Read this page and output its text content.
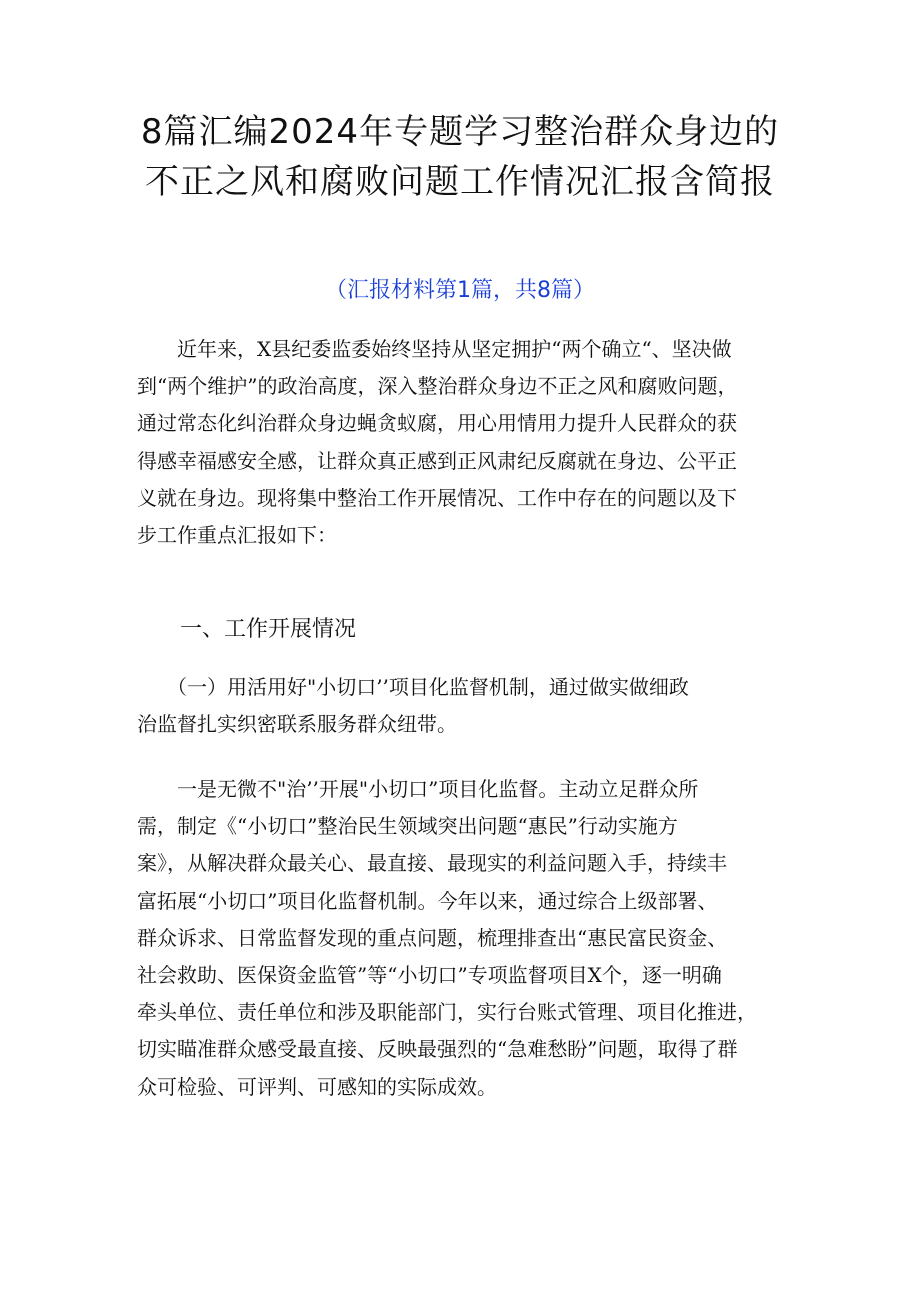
8篇汇编2024年专题学习整治群众身边的
不正之风和腐败问题工作情况汇报含简报
（汇报材料第1篇，共8篇）
　　近年来，X县纪委监委始终坚持从坚定拥护“两个确立“、坚决做
到“两个维护”的政治高度，深入整治群众身边不正之风和腐败问题，
通过常态化纠治群众身边蝇贪蚁腐，用心用情用力提升人民群众的获
得感幸福感安全感，让群众真正感到正风肃纪反腐就在身边、公平正
义就在身边。现将集中整治工作开展情况、工作中存在的问题以及下
步工作重点汇报如下：
一、工作开展情况
　　（一）用活用好"小切口’’项目化监督机制，通过做实做细政
治监督扎实织密联系服务群众纽带。
　　一是无微不"治’’开展"小切口”项目化监督。主动立足群众所
需，制定《“小切口”整治民生领域突出问题“惠民”行动实施方
案》，从解决群众最关心、最直接、最现实的利益问题入手，持续丰
富拓展“小切口”项目化监督机制。今年以来，通过综合上级部署、
群众诉求、日常监督发现的重点问题，梳理排查出“惠民富民资金、
社会救助、医保资金监管”等“小切口”专项监督项目X个，逐一明确
牵头单位、责任单位和涉及职能部门，实行台账式管理、项目化推进，
切实瞄准群众感受最直接、反映最强烈的“急难愁盼”问题，取得了群
众可检验、可评判、可感知的实际成效。
